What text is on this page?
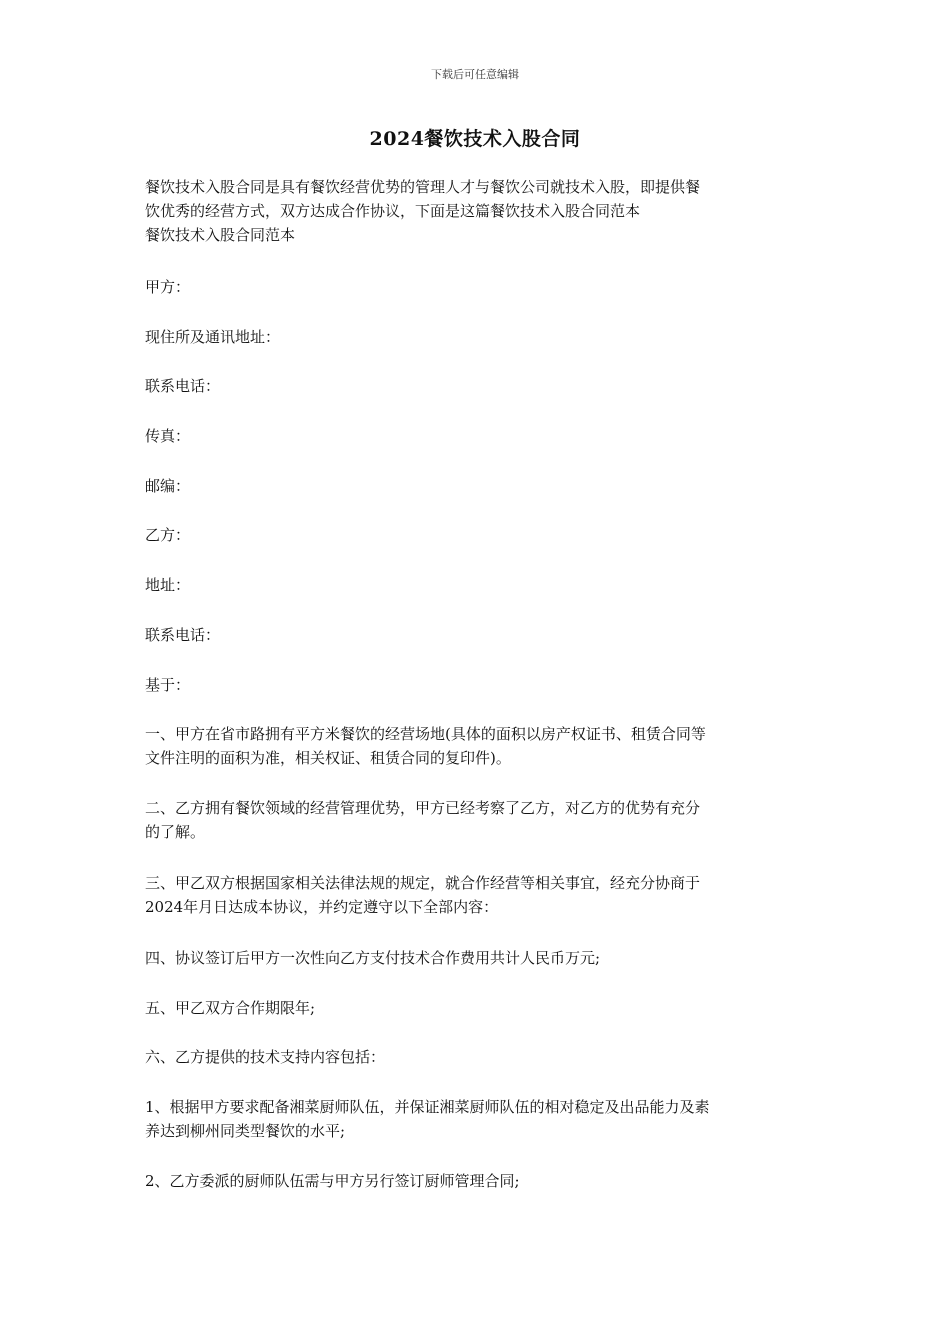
下载后可任意编辑
2024餐饮技术入股合同
餐饮技术入股合同是具有餐饮经营优势的管理人才与餐饮公司就技术入股，即提供餐
饮优秀的经营方式，双方达成合作协议，下面是这篇餐饮技术入股合同范本
餐饮技术入股合同范本
甲方：
现住所及通讯地址：
联系电话：
传真：
邮编：
乙方：
地址：
联系电话：
基于：
一、甲方在省市路拥有平方米餐饮的经营场地(具体的面积以房产权证书、租赁合同等
文件注明的面积为准，相关权证、租赁合同的复印件)。
二、乙方拥有餐饮领域的经营管理优势，甲方已经考察了乙方，对乙方的优势有充分
的了解。
三、甲乙双方根据国家相关法律法规的规定，就合作经营等相关事宜，经充分协商于
2024年月日达成本协议，并约定遵守以下全部内容：
四、协议签订后甲方一次性向乙方支付技术合作费用共计人民币万元;
五、甲乙双方合作期限年;
六、乙方提供的技术支持内容包括：
1、根据甲方要求配备湘菜厨师队伍，并保证湘菜厨师队伍的相对稳定及出品能力及素
养达到柳州同类型餐饮的水平;
2、乙方委派的厨师队伍需与甲方另行签订厨师管理合同;
